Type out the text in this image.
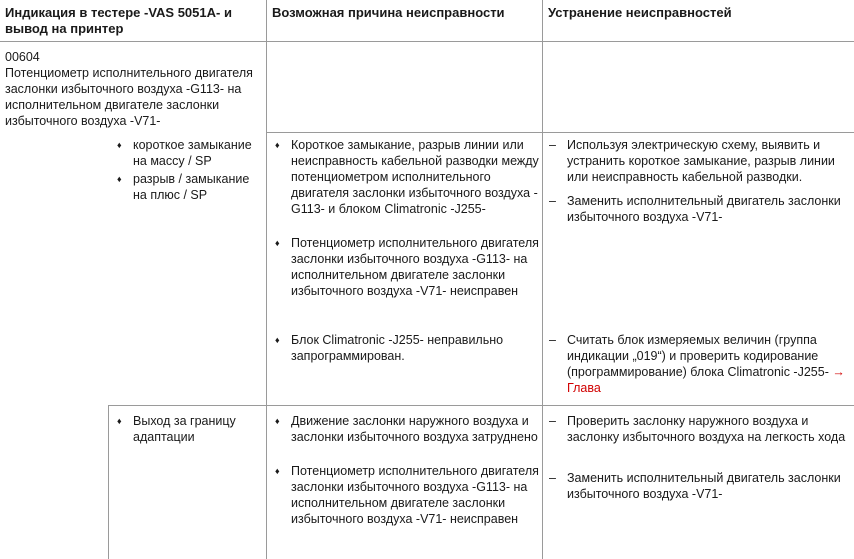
Индикация в тестере -VAS 5051A- и вывод на принтер
Возможная причина неисправности	Устранение неисправностей
00604
Потенциометр исполнительного двигателя заслонки избыточного воздуха -G113- на исполнительном двигателе заслонки избыточного воздуха -V71-
♦ короткое замыкание на массу / SP
♦ разрыв / замыкание на плюс / SP
♦ Выход за границу адаптации
♦ Короткое замыкание, разрыв линии или неисправность кабельной разводки между потенциометром исполнительного двигателя заслонки избыточного воздуха -G113- и блоком Climatronic -J255-
♦ Потенциометр исполнительного двигателя заслонки избыточного воздуха -G113- на исполнительном двигателе заслонки избыточного воздуха -V71- неисправен
♦ Блок Climatronic -J255- неправильно запрограммирован.
♦ Движение заслонки наружного воздуха и заслонки избыточного воздуха затруднено
♦ Потенциометр исполнительного двигателя заслонки избыточного воздуха -G113- на исполнительном двигателе заслонки избыточного воздуха -V71- неисправен
– Используя электрическую схему, выявить и устранить короткое замыкание, разрыв линии или неисправность кабельной разводки.
– Заменить исполнительный двигатель заслонки избыточного воздуха -V71-
– Считать блок измеряемых величин (группа индикации „019“) и проверить кодирование (программирование) блока Climatronic -J255- → Глава
– Проверить заслонку наружного воздуха и заслонку избыточного воздуха на легкость хода
– Заменить исполнительный двигатель заслонки избыточного воздуха -V71-
